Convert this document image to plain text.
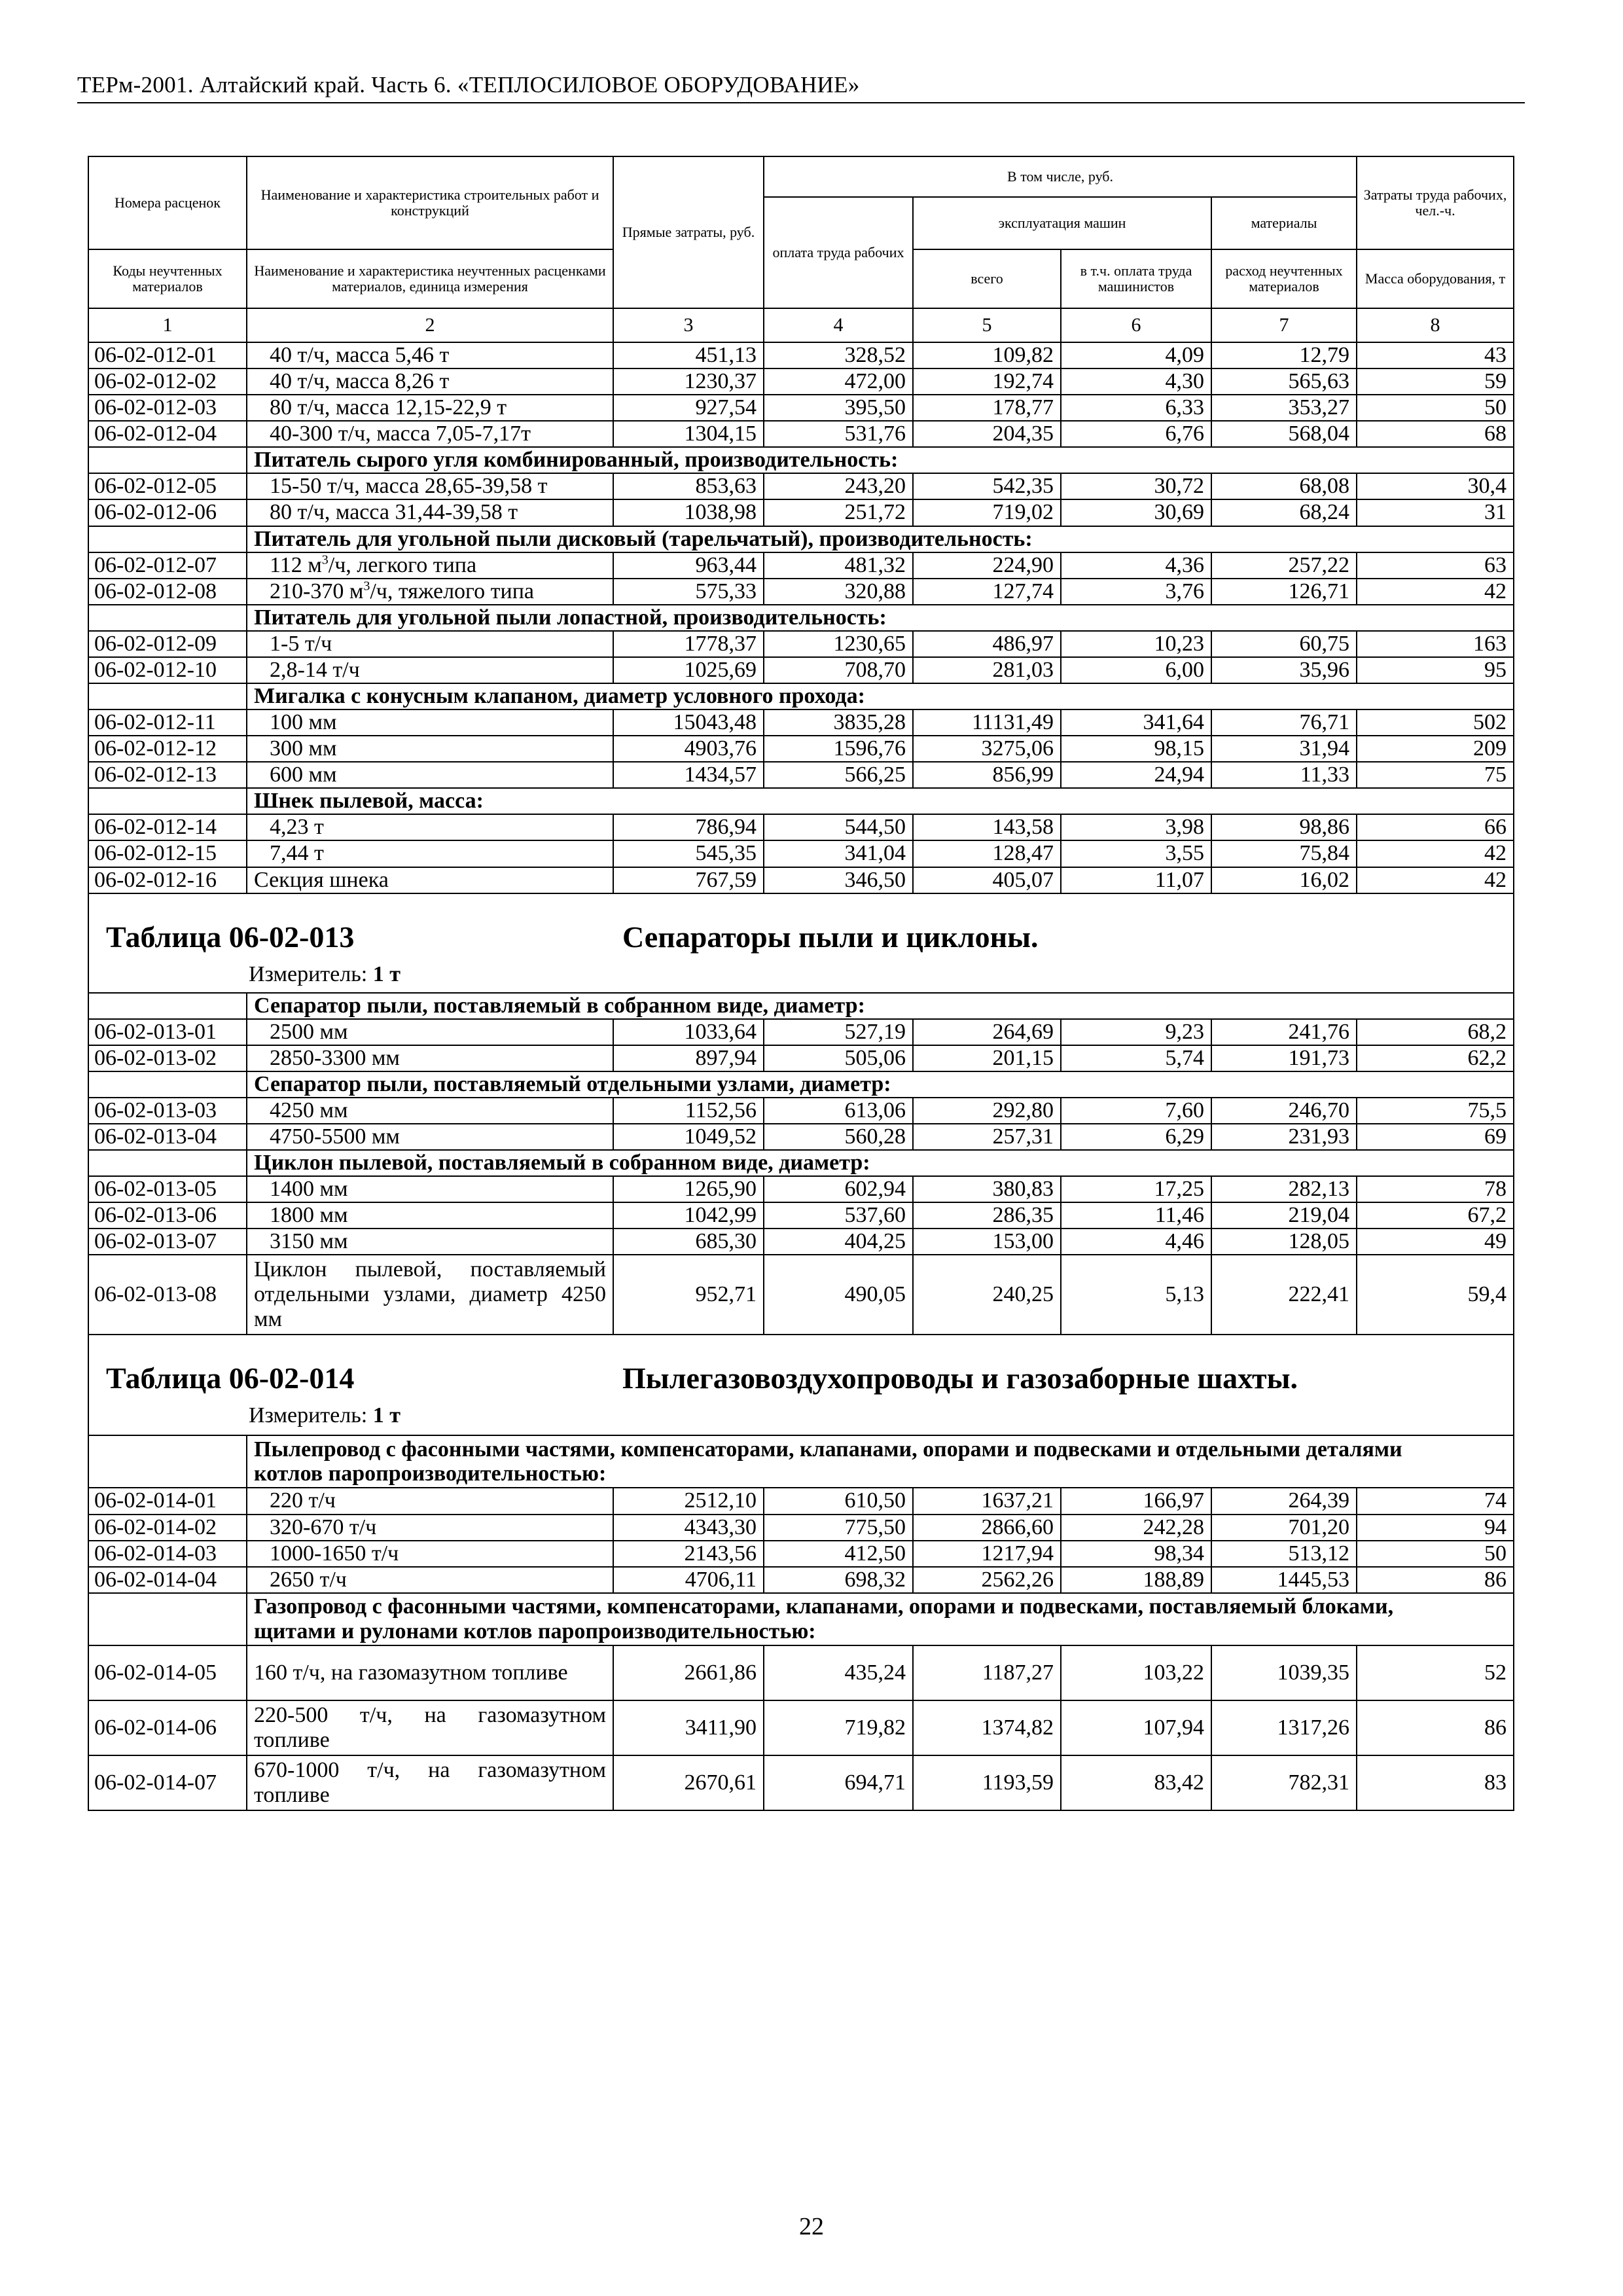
ТЕРм-2001. Алтайский край. Часть 6. «ТЕПЛОСИЛОВОЕ ОБОРУДОВАНИЕ»
Номера расценок	Наименование и характеристика строительных работ и конструкций	Прямые затраты, руб.	В том числе, руб.				Затраты труда рабочих, чел.-ч.
			оплата труда рабочих	эксплуатация машин		материалы	
Коды неучтенных материалов	Наименование и характеристика неучтенных расценками материалов, единица измерения			всего	в т.ч. оплата труда машинистов	расход неучтенных материалов	Масса оборудования, т
1	2	3	4	5	6	7	8
06-02-012-01	40 т/ч, масса 5,46 т	451,13	328,52	109,82	4,09	12,79	43
06-02-012-02	40 т/ч, масса 8,26 т	1230,37	472,00	192,74	4,30	565,63	59
06-02-012-03	80 т/ч, масса 12,15-22,9 т	927,54	395,50	178,77	6,33	353,27	50
06-02-012-04	40-300 т/ч, масса 7,05-7,17т	1304,15	531,76	204,35	6,76	568,04	68
	Питатель сырого угля комбинированный, производительность:						
06-02-012-05	15-50 т/ч, масса 28,65-39,58 т	853,63	243,20	542,35	30,72	68,08	30,4
06-02-012-06	80 т/ч, масса 31,44-39,58 т	1038,98	251,72	719,02	30,69	68,24	31
	Питатель для угольной пыли дисковый (тарельчатый), производительность:						
06-02-012-07	112 $м^3/ч$, легкого типа	963,44	481,32	224,90	4,36	257,22	63
06-02-012-08	210-370 $м^3/ч$, тяжелого типа	575,33	320,88	127,74	3,76	126,71	42
	Питатель для угольной пыли лопастной, производительность:						
06-02-012-09	1-5 т/ч	1778,37	1230,65	486,97	10,23	60,75	163
06-02-012-10	2,8-14 т/ч	1025,69	708,70	281,03	6,00	35,96	95
	Мигалка с конусным клапаном, диаметр условного прохода:						
06-02-012-11	100 мм	15043,48	3835,28	11131,49	341,64	76,71	502
06-02-012-12	300 мм	4903,76	1596,76	3275,06	98,15	31,94	209
06-02-012-13	600 мм	1434,57	566,25	856,99	24,94	11,33	75
	Шнек пылевой, масса:						
06-02-012-14	4,23 т	786,94	544,50	143,58	3,98	98,86	66
06-02-012-15	7,44 т	545,35	341,04	128,47	3,55	75,84	42
06-02-012-16	Секция шнека	767,59	346,50	405,07	11,07	16,02	42

Таблица 06-02-013 Сепараторы пыли и циклоны.
Измеритель: 1 т							

	Сепаратор пыли, поставляемый в собранном виде, диаметр:						
06-02-013-01	2500 мм	1033,64	527,19	264,69	9,23	241,76	68,2
06-02-013-02	2850-3300 мм	897,94	505,06	201,15	5,74	191,73	62,2
	Сепаратор пыли, поставляемый отдельными узлами, диаметр:						
06-02-013-03	4250 мм	1152,56	613,06	292,80	7,60	246,70	75,5
06-02-013-04	4750-5500 мм	1049,52	560,28	257,31	6,29	231,93	69
	Циклон пылевой, поставляемый в собранном виде, диаметр:						
06-02-013-05	1400 мм	1265,90	602,94	380,83	17,25	282,13	78
06-02-013-06	1800 мм	1042,99	537,60	286,35	11,46	219,04	67,2
06-02-013-07	3150 мм	685,30	404,25	153,00	4,46	128,05	49
06-02-013-08	Циклон пылевой, поставляемый отдельными узлами, диаметр 4250 мм	952,71	490,05	240,25	5,13	222,41	59,4

Таблица 06-02-014 Пылегазовоздухопроводы и газозаборные шахты.
Измеритель: 1 т							

	Пылепровод с фасонными частями, компенсаторами, клапанами, опорами и подвесками и отдельными деталями котлов паропроизводительностью:						
06-02-014-01	220 т/ч	2512,10	610,50	1637,21	166,97	264,39	74
06-02-014-02	320-670 т/ч	4343,30	775,50	2866,60	242,28	701,20	94
06-02-014-03	1000-1650 т/ч	2143,56	412,50	1217,94	98,34	513,12	50
06-02-014-04	2650 т/ч	4706,11	698,32	2562,26	188,89	1445,53	86
	Газопровод с фасонными частями, компенсаторами, клапанами, опорами и подвесками, поставляемый блоками, щитами и рулонами котлов паропроизводительностью:						
06-02-014-05	160 т/ч, на газомазутном топливе	2661,86	435,24	1187,27	103,22	1039,35	52
06-02-014-06	220-500 т/ч, на газомазутном топливе	3411,90	719,82	1374,82	107,94	1317,26	86
06-02-014-07	670-1000 т/ч, на газомазутном топливе	2670,61	694,71	1193,59	83,42	782,31	83
22
